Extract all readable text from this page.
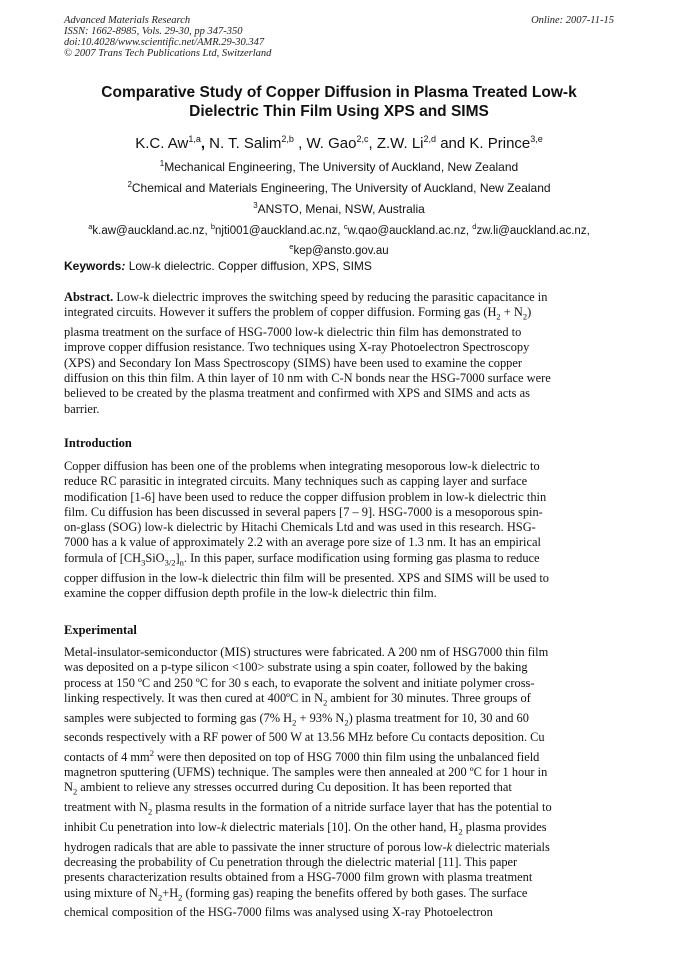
Advanced Materials Research
ISSN: 1662-8985, Vols. 29-30, pp 347-350
doi:10.4028/www.scientific.net/AMR.29-30.347
© 2007 Trans Tech Publications Ltd, Switzerland
Online: 2007-11-15
Comparative Study of Copper Diffusion in Plasma Treated Low-k
Dielectric Thin Film Using XPS and SIMS
K.C. Aw$^{1,a}$, N. T. Salim$^{2,b}$ , W. Gao$^{2,c}$, Z.W. Li$^{2,d}$ and K. Prince$^{3,e}$
$^1$Mechanical Engineering, The University of Auckland, New Zealand
$^2$Chemical and Materials Engineering, The University of Auckland, New Zealand
$^3$ANSTO, Menai, NSW, Australia
$^a$k.aw@auckland.ac.nz, $^b$njti001@auckland.ac.nz, $^c$w.qao@auckland.ac.nz, $^d$zw.li@auckland.ac.nz,
$^e$kep@ansto.gov.au
Keywords: Low-k dielectric. Copper diffusion, XPS, SIMS
Abstract. Low-k dielectric improves the switching speed by reducing the parasitic capacitance in
integrated circuits. However it suffers the problem of copper diffusion. Forming gas $(H_2 + N_2)$
plasma treatment on the surface of HSG-7000 low-k dielectric thin film has demonstrated to
improve copper diffusion resistance. Two techniques using X-ray Photoelectron Spectroscopy
(XPS) and Secondary Ion Mass Spectroscopy (SIMS) have been used to examine the copper
diffusion on this thin film. A thin layer of 10 nm with C-N bonds near the HSG-7000 surface were
believed to be created by the plasma treatment and confirmed with XPS and SIMS and acts as
barrier.
Introduction
Copper diffusion has been one of the problems when integrating mesoporous low-k dielectric to
reduce RC parasitic in integrated circuits. Many techniques such as capping layer and surface
modification [1-6] have been used to reduce the copper diffusion problem in low-k dielectric thin
film. Cu diffusion has been discussed in several papers [7 – 9]. HSG-7000 is a mesoporous spin-
on-glass (SOG) low-k dielectric by Hitachi Chemicals Ltd and was used in this research. HSG-
7000 has a k value of approximately 2.2 with an average pore size of 1.3 nm. It has an empirical
formula of $[CH_3SiO_{3/2}]_n$. In this paper, surface modification using forming gas plasma to reduce
copper diffusion in the low-k dielectric thin film will be presented. XPS and SIMS will be used to
examine the copper diffusion depth profile in the low-k dielectric thin film.
Experimental
Metal-insulator-semiconductor (MIS) structures were fabricated. A 200 nm of HSG7000 thin film
was deposited on a p-type silicon <100> substrate using a spin coater, followed by the baking
process at 150 ºC and 250 ºC for 30 s each, to evaporate the solvent and initiate polymer cross-
linking respectively. It was then cured at 400ºC in $N_2$ ambient for 30 minutes. Three groups of
samples were subjected to forming gas (7% $H_2 + 93\%$ $N_2$) plasma treatment for 10, 30 and 60
seconds respectively with a RF power of 500 W at 13.56 MHz before Cu contacts deposition. Cu
contacts of 4 $mm^2$ were then deposited on top of HSG 7000 thin film using the unbalanced field
magnetron sputtering (UFMS) technique. The samples were then annealed at 200 ºC for 1 hour in
$N_2$ ambient to relieve any stresses occurred during Cu deposition. It has been reported that
treatment with $N_2$ plasma results in the formation of a nitride surface layer that has the potential to
inhibit Cu penetration into low-k dielectric materials [10]. On the other hand, $H_2$ plasma provides
hydrogen radicals that are able to passivate the inner structure of porous low-k dielectric materials
decreasing the probability of Cu penetration through the dielectric material [11]. This paper
presents characterization results obtained from a HSG-7000 film grown with plasma treatment
using mixture of $N_2+H_2$ (forming gas) reaping the benefits offered by both gases. The surface
chemical composition of the HSG-7000 films was analysed using X-ray Photoelectron
